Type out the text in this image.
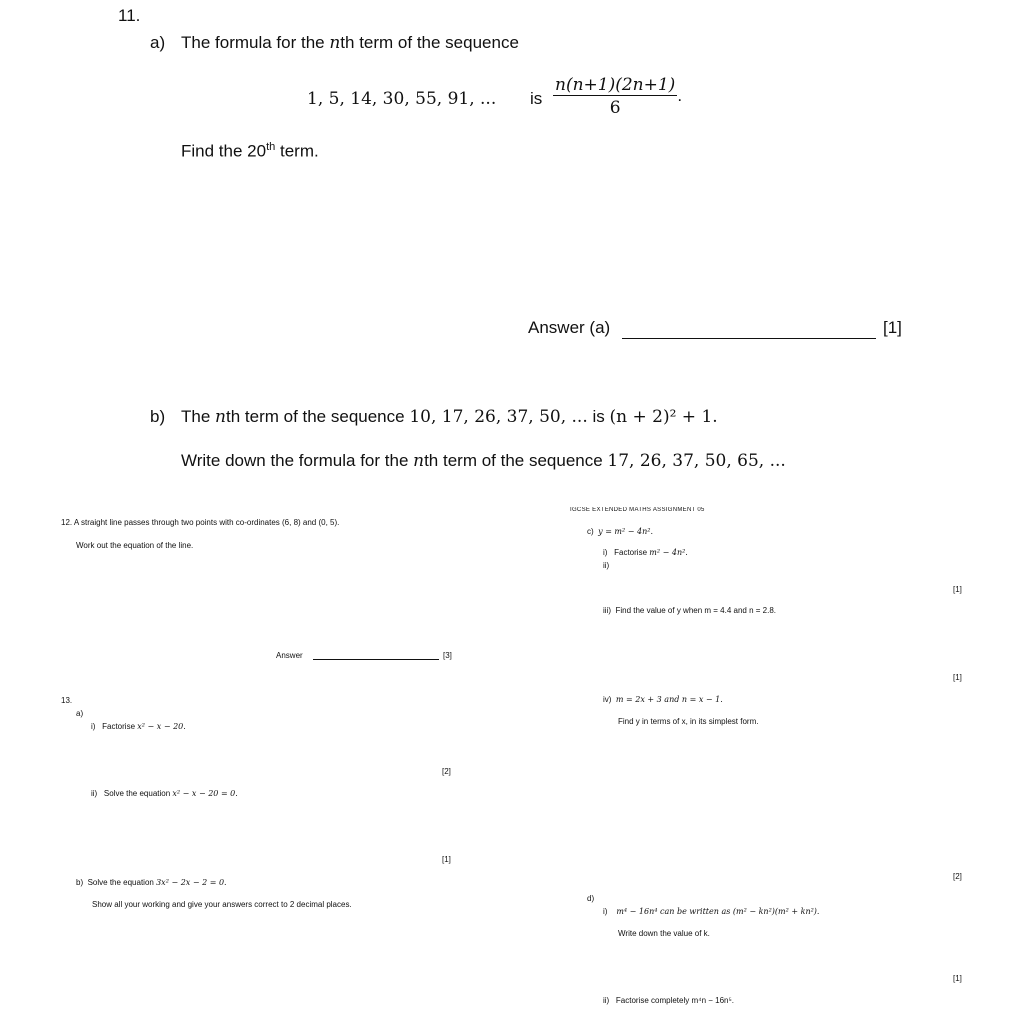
11.
a) The formula for the nth term of the sequence
1, 5, 14, 30, 55, 91, ... is $\frac{n(n+1)(2n+1)}{6}$ .
Find the 20th term.
Answer (a)	[1]
b) The nth term of the sequence 10, 17, 26, 37, 50, ... is (n + 2)² + 1.
Write down the formula for the nth term of the sequence 17, 26, 37, 50, 65, ...
12. A straight line passes through two points with co-ordinates (6, 8) and (0, 5).
Work out the equation of the line.
Answer	[3]
13.
a)
i) Factorise x² − x − 20.
[2]
ii) Solve the equation x² − x − 20 = 0.
[1]
b) Solve the equation 3x² − 2x − 2 = 0.
Show all your working and give your answers correct to 2 decimal places.
IGCSE EXTENDED MATHS ASSIGNMENT 05
c) y = m² − 4n².
i) Factorise m² − 4n².
ii)
[1]
iii) Find the value of y when m = 4.4 and n = 2.8.
[1]
iv) m = 2x + 3 and n = x − 1.
Find y in terms of x, in its simplest form.
[2]
d)
i) m⁴ − 16n⁴ can be written as (m² − kn²)(m² + kn²).
Write down the value of k.
[1]
ii) Factorise completely m⁴n − 16n⁵.
